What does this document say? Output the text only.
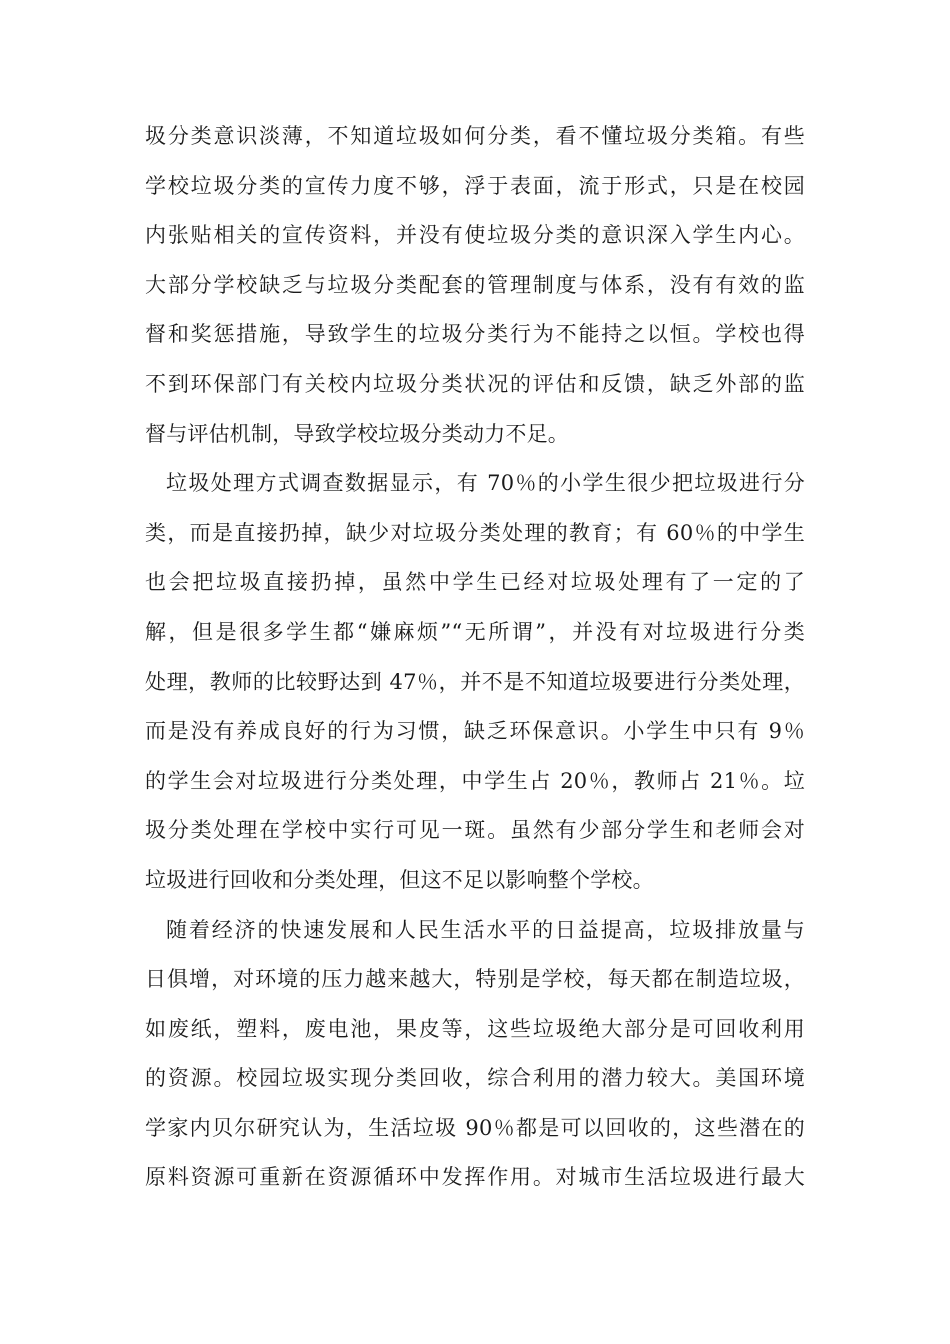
圾分类意识淡薄，不知道垃圾如何分类，看不懂垃圾分类箱。有些
学校垃圾分类的宣传力度不够，浮于表面，流于形式，只是在校园
内张贴相关的宣传资料，并没有使垃圾分类的意识深入学生内心。
大部分学校缺乏与垃圾分类配套的管理制度与体系，没有有效的监
督和奖惩措施，导致学生的垃圾分类行为不能持之以恒。学校也得
不到环保部门有关校内垃圾分类状况的评估和反馈，缺乏外部的监
督与评估机制，导致学校垃圾分类动力不足。
垃圾处理方式调查数据显示，有 70％的小学生很少把垃圾进行分
类，而是直接扔掉，缺少对垃圾分类处理的教育；有 60％的中学生
也会把垃圾直接扔掉，虽然中学生已经对垃圾处理有了一定的了
解，但是很多学生都“嫌麻烦”“无所谓”，并没有对垃圾进行分类
处理，教师的比较野达到 47％，并不是不知道垃圾要进行分类处理，
而是没有养成良好的行为习惯，缺乏环保意识。小学生中只有 9％
的学生会对垃圾进行分类处理，中学生占 20％，教师占 21％。垃
圾分类处理在学校中实行可见一斑。虽然有少部分学生和老师会对
垃圾进行回收和分类处理，但这不足以影响整个学校。
随着经济的快速发展和人民生活水平的日益提高，垃圾排放量与
日俱增，对环境的压力越来越大，特别是学校，每天都在制造垃圾，
如废纸，塑料，废电池，果皮等，这些垃圾绝大部分是可回收利用
的资源。校园垃圾实现分类回收，综合利用的潜力较大。美国环境
学家内贝尔研究认为，生活垃圾 90％都是可以回收的，这些潜在的
原料资源可重新在资源循环中发挥作用。对城市生活垃圾进行最大
